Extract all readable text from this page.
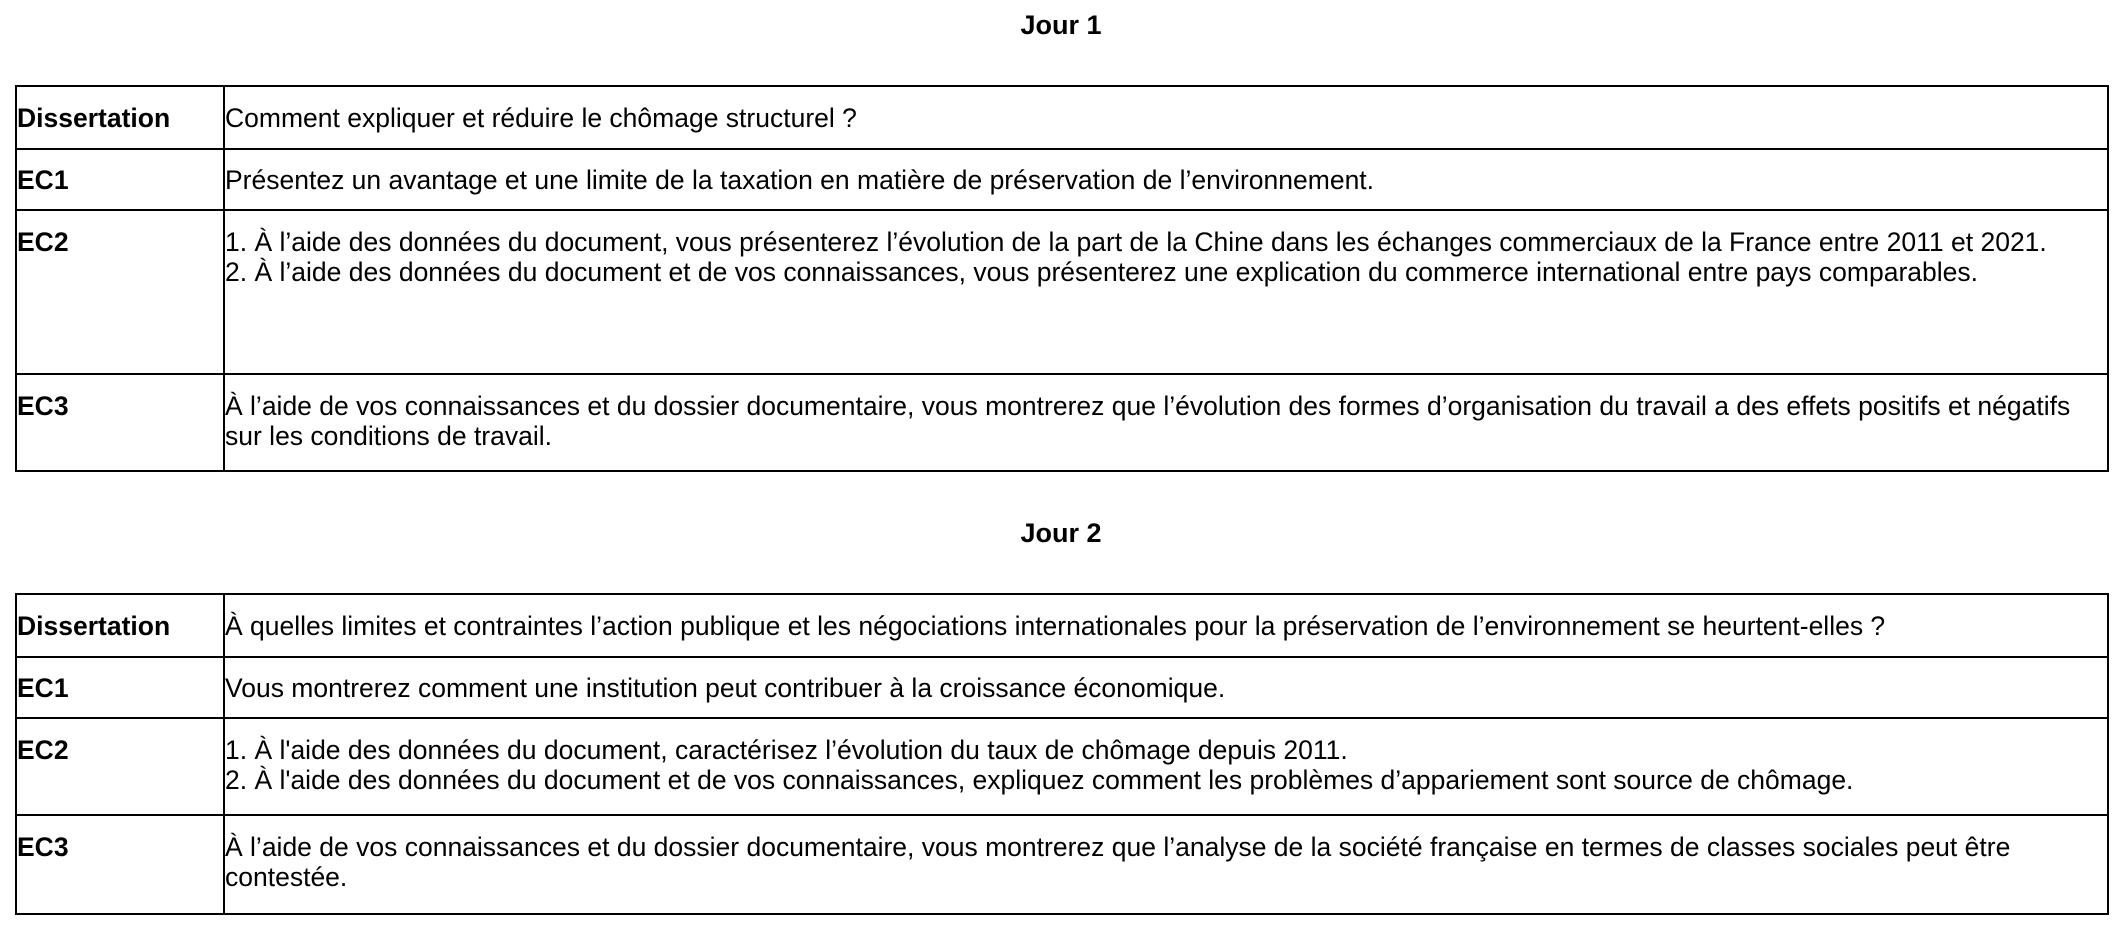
Jour 1
Dissertation	Comment expliquer et réduire le chômage structurel ?

EC1	Présentez un avantage et une limite de la taxation en matière de préservation de l’environnement.

EC2	1. À l’aide des données du document, vous présenterez l’évolution de la part de la Chine dans les échanges commerciaux de la France entre 2011 et 2021.
2. À l’aide des données du document et de vos connaissances, vous présenterez une explication du commerce international entre pays comparables.

EC3	À l’aide de vos connaissances et du dossier documentaire, vous montrerez que l’évolution des formes d’organisation du travail a des effets positifs et négatifs sur les conditions de travail.
Jour 2
Dissertation	À quelles limites et contraintes l’action publique et les négociations internationales pour la préservation de l’environnement se heurtent-elles ?

EC1	Vous montrerez comment une institution peut contribuer à la croissance économique.

EC2	1. À l'aide des données du document, caractérisez l’évolution du taux de chômage depuis 2011.
2. À l'aide des données du document et de vos connaissances, expliquez comment les problèmes d’appariement sont source de chômage.

EC3	À l’aide de vos connaissances et du dossier documentaire, vous montrerez que l’analyse de la société française en termes de classes sociales peut être contestée.
